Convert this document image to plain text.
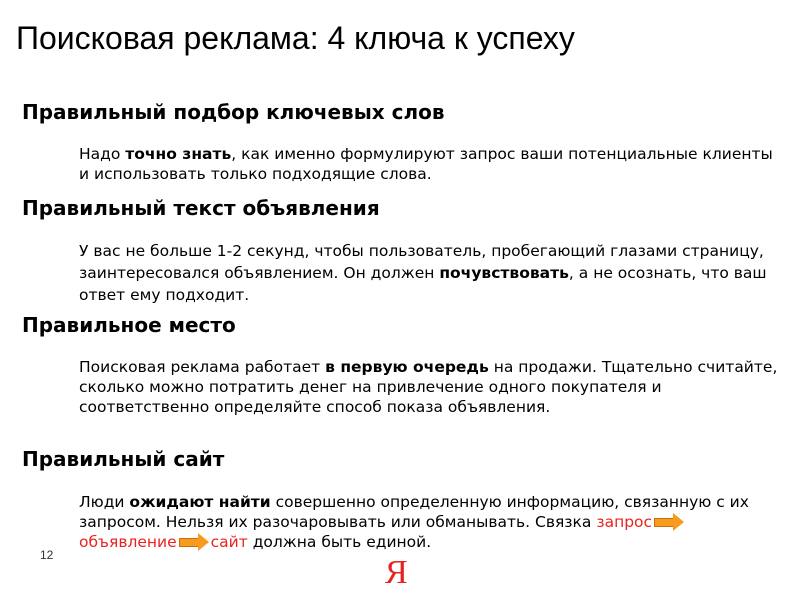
Поисковая реклама: 4 ключа к успеху
Правильный подбор ключевых слов

Надо точно знать, как именно формулируют запрос ваши потенциальные клиенты и использовать только подходящие слова.

Правильный текст объявления

У вас не больше 1-2 секунд, чтобы пользователь, пробегающий глазами страницу, заинтересовался объявлением. Он должен почувствовать, а не осознать, что ваш ответ ему подходит.

Правильное место

Поисковая реклама работает в первую очередь на продажи. Тщательно считайте, сколько можно потратить денег на привлечение одного покупателя и соответственно определяйте способ показа объявления.

Правильный сайт

Люди ожидают найти совершенно определенную информацию, связанную с их запросом. Нельзя их разочаровывать или обманывать. Связка запрос
объявление сайт должна быть единой.

12	Я
